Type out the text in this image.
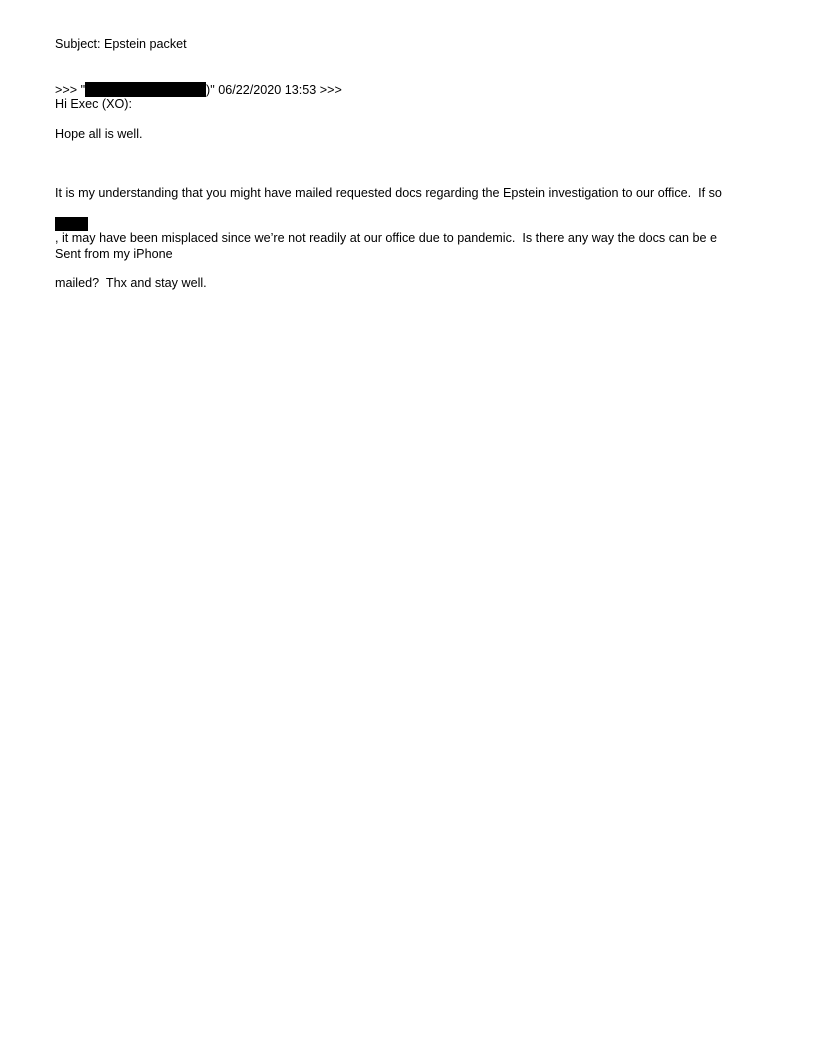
Subject: Epstein packet
>>> "	)" 06/22/2020 13:53 >>>
Hi Exec (XO):
Hope all is well.

It is my understanding that you might have mailed requested docs regarding the Epstein investigation to our office.  If so

, it may have been misplaced since we’re not readily at our office due to pandemic.  Is there any way the docs can be e

mailed?  Thx and stay well.

Sent from my iPhone
